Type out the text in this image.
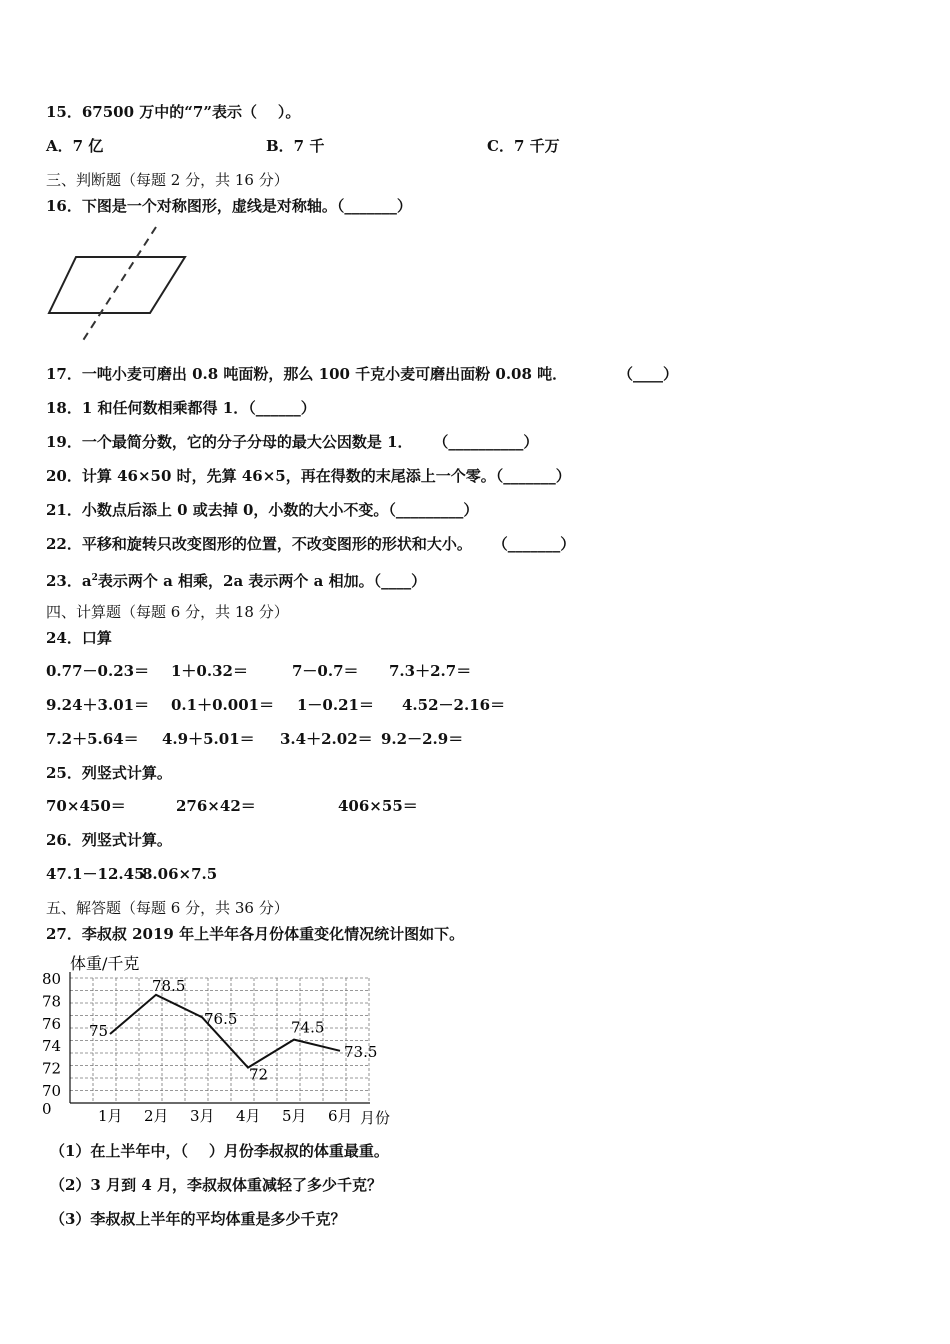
15．67500 万中的“7”表示（    ）。
A．7 亿	B．7 千	C．7 千万
三、判断题（每题 2 分，共 16 分）
16．下图是一个对称图形，虚线是对称轴。（_______）
17．一吨小麦可磨出 0.8 吨面粉，那么 100 千克小麦可磨出面粉 0.08 吨．	（____）
18．1 和任何数相乘都得 1．（______）
19．一个最简分数，它的分子分母的最大公因数是 1．    （__________）
20．计算 46×50 时，先算 46×5，再在得数的末尾添上一个零。（_______）
21．小数点后添上 0 或去掉 0，小数的大小不变。（_________）
22．平移和旋转只改变图形的位置，不改变图形的形状和大小。    （_______）
23．$a^2$表示两个 a 相乘，2a 表示两个 a 相加。（____）
四、计算题（每题 6 分，共 18 分）
24．口算
0.77－0.23＝ 1＋0.32＝	7－0.7＝ 7.3＋2.7＝
9.24＋3.01＝ 0.1＋0.001＝ 1－0.21＝ 4.52－2.16＝
7.2＋5.64＝ 4.9＋5.01＝ 3.4＋2.02＝ 9.2－2.9＝
25．列竖式计算。
70×450＝	276×42＝	406×55＝
26．列竖式计算。
47.1－12.45
8.06×7.5
五、解答题（每题 6 分，共 36 分）
27．李叔叔 2019 年上半年各月份体重变化情况统计图如下。
体重/千克
月份
80
78
76
74
72
70
0	1月 2月 3月 4月 5月 6月
75
78.5
76.5
72
74.5
73.5
（1）在上半年中，（    ）月份李叔叔的体重最重。
（2）3 月到 4 月，李叔叔体重减轻了多少千克？
（3）李叔叔上半年的平均体重是多少千克？
